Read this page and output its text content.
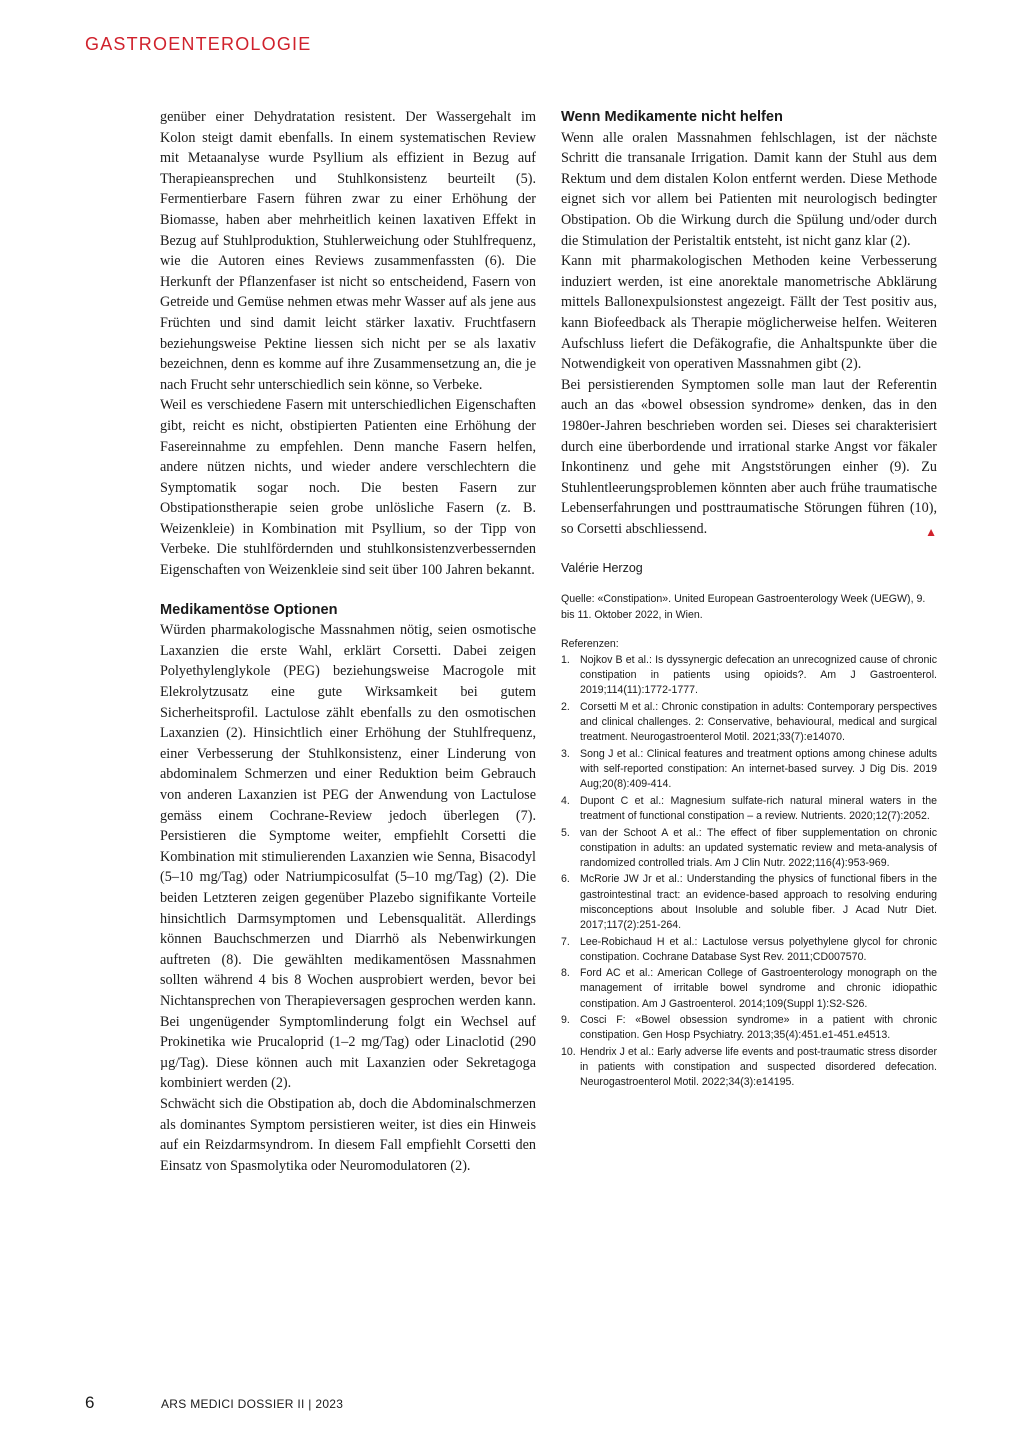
GASTROENTEROLOGIE

genüber einer Dehydratation resistent. Der Wassergehalt im Kolon steigt damit ebenfalls. In einem systematischen Review mit Metaanalyse wurde Psyllium als effizient in Bezug auf Therapieansprechen und Stuhlkonsistenz beurteilt (5). Fermentierbare Fasern führen zwar zu einer Erhöhung der Biomasse, haben aber mehrheitlich keinen laxativen Effekt in Bezug auf Stuhlproduktion, Stuhlerweichung oder Stuhlfrequenz, wie die Autoren eines Reviews zusammenfassten (6). Die Herkunft der Pflanzenfaser ist nicht so entscheidend, Fasern von Getreide und Gemüse nehmen etwas mehr Wasser auf als jene aus Früchten und sind damit leicht stärker laxativ. Fruchtfasern beziehungsweise Pektine liessen sich nicht per se als laxativ bezeichnen, denn es komme auf ihre Zusammensetzung an, die je nach Frucht sehr unterschiedlich sein könne, so Verbeke.

Weil es verschiedene Fasern mit unterschiedlichen Eigenschaften gibt, reicht es nicht, obstipierten Patienten eine Erhöhung der Fasereinnahme zu empfehlen. Denn manche Fasern helfen, andere nützen nichts, und wieder andere verschlechtern die Symptomatik sogar noch. Die besten Fasern zur Obstipationstherapie seien grobe unlösliche Fasern (z. B. Weizenkleie) in Kombination mit Psyllium, so der Tipp von Verbeke. Die stuhlfördernden und stuhlkonsistenzverbessernden Eigenschaften von Weizenkleie sind seit über 100 Jahren bekannt.

Medikamentöse Optionen

Würden pharmakologische Massnahmen nötig, seien osmotische Laxanzien die erste Wahl, erklärt Corsetti. Dabei zeigen Polyethylenglykole (PEG) beziehungsweise Macrogole mit Elekrolytzusatz eine gute Wirksamkeit bei gutem Sicherheitsprofil. Lactulose zählt ebenfalls zu den osmotischen Laxanzien (2). Hinsichtlich einer Erhöhung der Stuhlfrequenz, einer Verbesserung der Stuhlkonsistenz, einer Linderung von abdominalem Schmerzen und einer Reduktion beim Gebrauch von anderen Laxanzien ist PEG der Anwendung von Lactulose gemäss einem Cochrane-Review jedoch überlegen (7). Persistieren die Symptome weiter, empfiehlt Corsetti die Kombination mit stimulierenden Laxanzien wie Senna, Bisacodyl (5–10 mg/Tag) oder Natriumpicosulfat (5–10 mg/Tag) (2). Die beiden Letzteren zeigen gegenüber Plazebo signifikante Vorteile hinsichtlich Darmsymptomen und Lebensqualität. Allerdings können Bauchschmerzen und Diarrhö als Nebenwirkungen auftreten (8). Die gewählten medikamentösen Massnahmen sollten während 4 bis 8 Wochen ausprobiert werden, bevor bei Nichtansprechen von Therapieversagen gesprochen werden kann. Bei ungenügender Symptomlinderung folgt ein Wechsel auf Prokinetika wie Prucaloprid (1–2 mg/Tag) oder Linaclotid (290 µg/Tag). Diese können auch mit Laxanzien oder Sekretagoga kombiniert werden (2).

Schwächt sich die Obstipation ab, doch die Abdominalschmerzen als dominantes Symptom persistieren weiter, ist dies ein Hinweis auf ein Reizdarmsyndrom. In diesem Fall empfiehlt Corsetti den Einsatz von Spasmolytika oder Neuromodulatoren (2).

Wenn Medikamente nicht helfen

Wenn alle oralen Massnahmen fehlschlagen, ist der nächste Schritt die transanale Irrigation. Damit kann der Stuhl aus dem Rektum und dem distalen Kolon entfernt werden. Diese Methode eignet sich vor allem bei Patienten mit neurologisch bedingter Obstipation. Ob die Wirkung durch die Spülung und/oder durch die Stimulation der Peristaltik entsteht, ist nicht ganz klar (2).

Kann mit pharmakologischen Methoden keine Verbesserung induziert werden, ist eine anorektale manometrische Abklärung mittels Ballonexpulsionstest angezeigt. Fällt der Test positiv aus, kann Biofeedback als Therapie möglicherweise helfen. Weiteren Aufschluss liefert die Defäkografie, die Anhaltspunkte über die Notwendigkeit von operativen Massnahmen gibt (2).

Bei persistierenden Symptomen solle man laut der Referentin auch an das «bowel obsession syndrome» denken, das in den 1980er-Jahren beschrieben worden sei. Dieses sei charakterisiert durch eine überbordende und irrational starke Angst vor fäkaler Inkontinenz und gehe mit Angststörungen einher (9). Zu Stuhlentleerungsproblemen könnten aber auch frühe traumatische Lebenserfahrungen und posttraumatische Störungen führen (10), so Corsetti abschliessend.	▲

Valérie Herzog
Quelle: «Constipation». United European Gastroenterology Week (UEGW), 9. bis 11. Oktober 2022, in Wien.
Referenzen:
1. Nojkov B et al.: Is dyssynergic defecation an unrecognized cause of chronic constipation in patients using opioids?. Am J Gastroenterol. 2019;114(11):1772-1777.
2. Corsetti M et al.: Chronic constipation in adults: Contemporary perspectives and clinical challenges. 2: Conservative, behavioural, medical and surgical treatment. Neurogastroenterol Motil. 2021;33(7):e14070.
3. Song J et al.: Clinical features and treatment options among chinese adults with self-reported constipation: An internet-based survey. J Dig Dis. 2019 Aug;20(8):409-414.
4. Dupont C et al.: Magnesium sulfate-rich natural mineral waters in the treatment of functional constipation – a review. Nutrients. 2020;12(7):2052.
5. van der Schoot A et al.: The effect of fiber supplementation on chronic constipation in adults: an updated systematic review and meta-analysis of randomized controlled trials. Am J Clin Nutr. 2022;116(4):953-969.
6. McRorie JW Jr et al.: Understanding the physics of functional fibers in the gastrointestinal tract: an evidence-based approach to resolving enduring misconceptions about Insoluble and soluble fiber. J Acad Nutr Diet. 2017;117(2):251-264.
7. Lee-Robichaud H et al.: Lactulose versus polyethylene glycol for chronic constipation. Cochrane Database Syst Rev. 2011;CD007570.
8. Ford AC et al.: American College of Gastroenterology monograph on the management of irritable bowel syndrome and chronic idiopathic constipation. Am J Gastroenterol. 2014;109(Suppl 1):S2-S26.
9. Cosci F: «Bowel obsession syndrome» in a patient with chronic constipation. Gen Hosp Psychiatry. 2013;35(4):451.e1-451.e4513.
10. Hendrix J et al.: Early adverse life events and post-traumatic stress disorder in patients with constipation and suspected disordered defecation. Neurogastroenterol Motil. 2022;34(3):e14195.
6	ARS MEDICI DOSSIER II | 2023
